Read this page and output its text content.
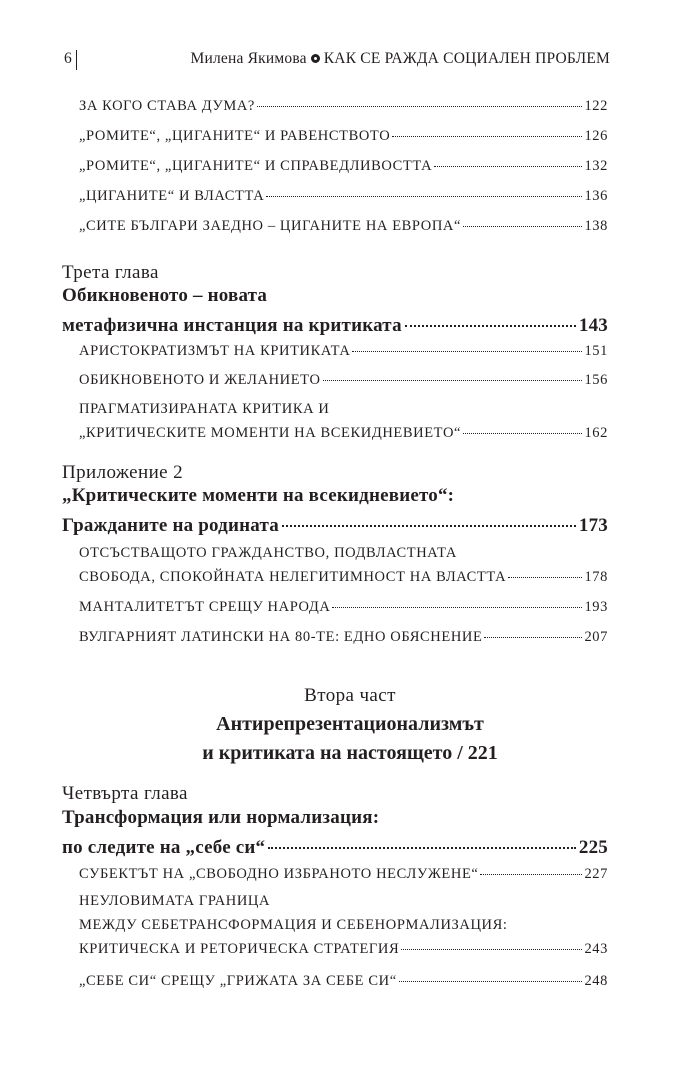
6	Милена Якимова КАК СЕ РАЖДА СОЦИАЛЕН ПРОБЛЕМ
ЗА КОГО СТАВА ДУМА?	122
„РОМИТЕ“, „ЦИГАНИТЕ“ И РАВЕНСТВОТО	126
„РОМИТЕ“, „ЦИГАНИТЕ“ И СПРАВЕДЛИВОСТТА	132
„ЦИГАНИТЕ“ И ВЛАСТТА	136
„СИТЕ БЪЛГАРИ ЗАЕДНО – ЦИГАНИТЕ НА ЕВРОПА“	138
Трета глава
Обикновеното – новата
метафизична инстанция на критиката	143
АРИСТОКРАТИЗМЪТ НА КРИТИКАТА	151
ОБИКНОВЕНОТО И ЖЕЛАНИЕТО	156
ПРАГМАТИЗИРАНАТА КРИТИКА И
„КРИТИЧЕСКИТЕ МОМЕНТИ НА ВСЕКИДНЕВИЕТО“	162
Приложение 2
„Критическите моменти на всекидневието“:
Гражданите на родината	173
ОТСЪСТВАЩОТО ГРАЖДАНСТВО, ПОДВЛАСТНАТА
СВОБОДА, СПОКОЙНАТА НЕЛЕГИТИМНОСТ НА ВЛАСТТА	178
МАНТАЛИТЕТЪТ СРЕЩУ НАРОДА	193
ВУЛГАРНИЯТ ЛАТИНСКИ НА 80-ТЕ: ЕДНО ОБЯСНЕНИЕ	207
Втора част
Антирепрезентационализмът
и критиката на настоящето / 221
Четвърта глава
Трансформация или нормализация:
по следите на „себе си“	225
СУБЕКТЪТ НА „СВОБОДНО ИЗБРАНОТО НЕСЛУЖЕНЕ“	227
НЕУЛОВИМАТА ГРАНИЦА
МЕЖДУ СЕБЕТРАНСФОРМАЦИЯ И СЕБЕНОРМАЛИЗАЦИЯ:
КРИТИЧЕСКА И РЕТОРИЧЕСКА СТРАТЕГИЯ	243
„СЕБЕ СИ“ СРЕЩУ „ГРИЖАТА ЗА СЕБЕ СИ“	248
